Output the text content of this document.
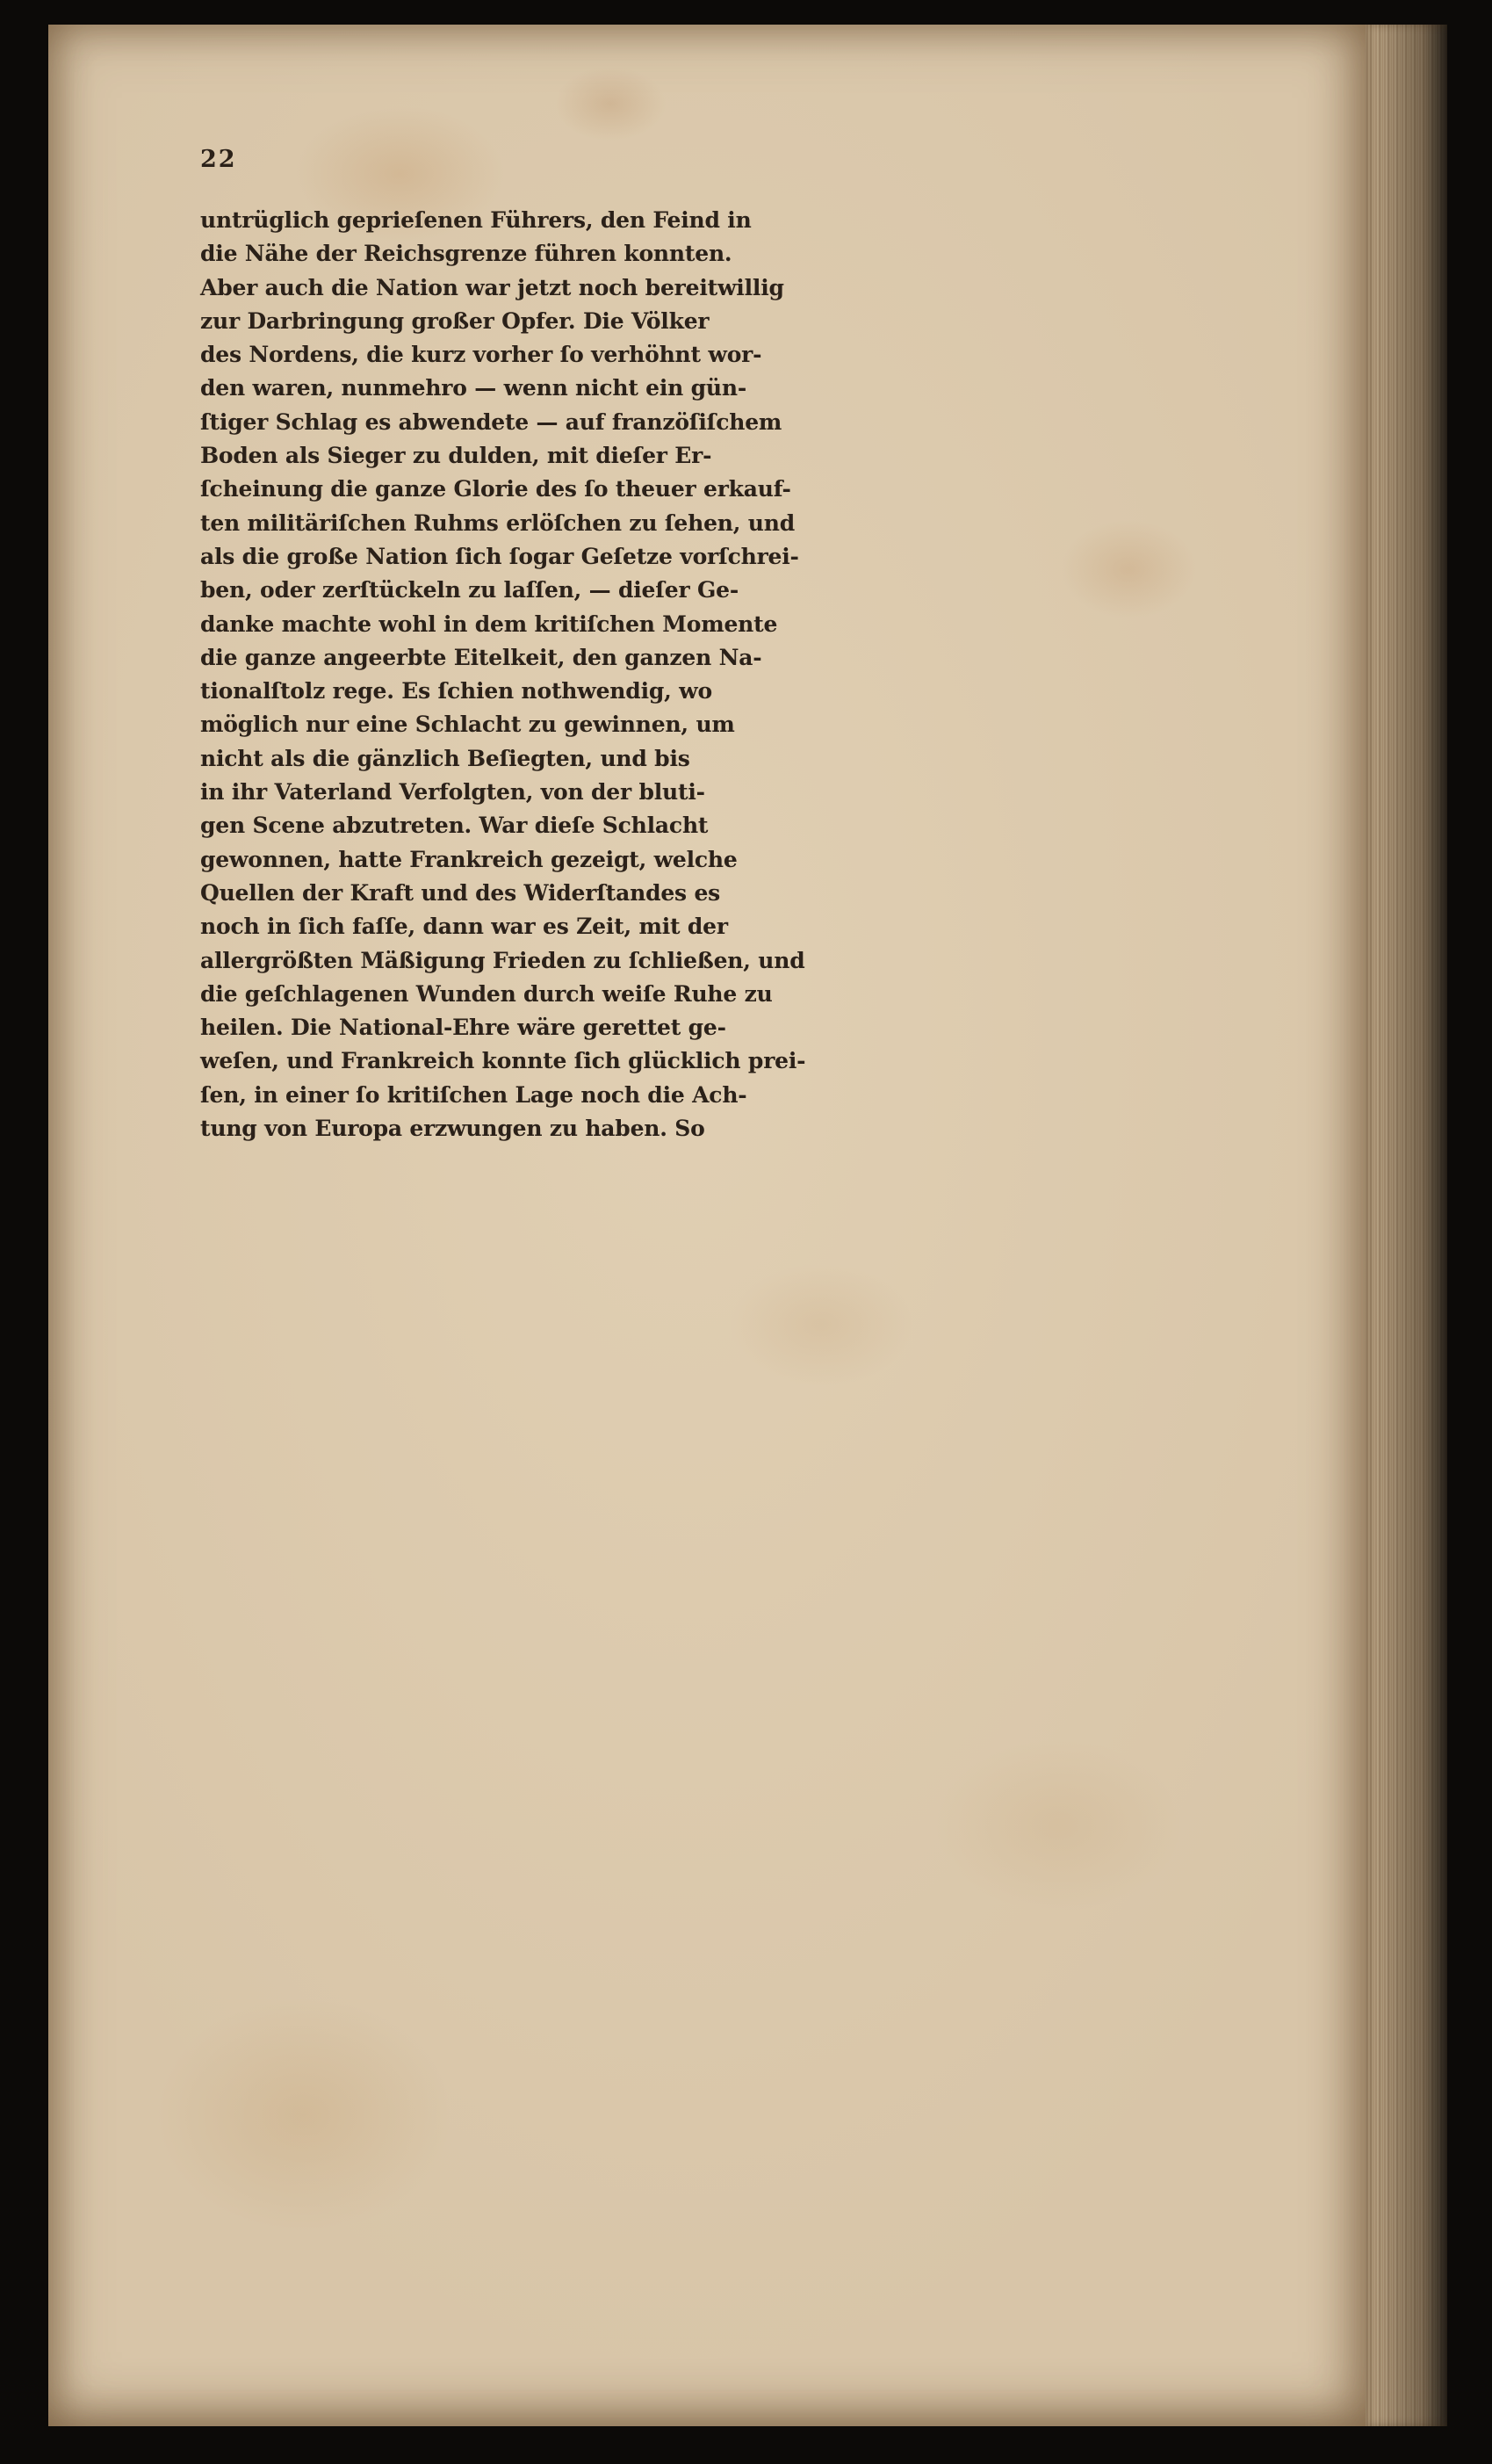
22
untrüglich geprieſenen Führers, den Feind in
die Nähe der Reichsgrenze führen konnten.
Aber auch die Nation war jetzt noch bereitwillig
zur Darbringung großer Opfer. Die Völker
des Nordens, die kurz vorher ſo verhöhnt wor-
den waren, nunmehro — wenn nicht ein gün-
ſtiger Schlag es abwendete — auf franzöſiſchem
Boden als Sieger zu dulden, mit dieſer Er-
ſcheinung die ganze Glorie des ſo theuer erkauf-
ten militäriſchen Ruhms erlöſchen zu ſehen, und
als die große Nation ſich ſogar Geſetze vorſchrei-
ben, oder zerſtückeln zu laſſen, — dieſer Ge-
danke machte wohl in dem kritiſchen Momente
die ganze angeerbte Eitelkeit, den ganzen Na-
tionalſtolz rege. Es ſchien nothwendig, wo
möglich nur eine Schlacht zu gewinnen, um
nicht als die gänzlich Beſiegten, und bis
in ihr Vaterland Verfolgten, von der bluti-
gen Scene abzutreten. War dieſe Schlacht
gewonnen, hatte Frankreich gezeigt, welche
Quellen der Kraft und des Widerſtandes es
noch in ſich faſſe, dann war es Zeit, mit der
allergrößten Mäßigung Frieden zu ſchließen, und
die geſchlagenen Wunden durch weiſe Ruhe zu
heilen. Die National-Ehre wäre gerettet ge-
weſen, und Frankreich konnte ſich glücklich prei-
ſen, in einer ſo kritiſchen Lage noch die Ach-
tung von Europa erzwungen zu haben. So
